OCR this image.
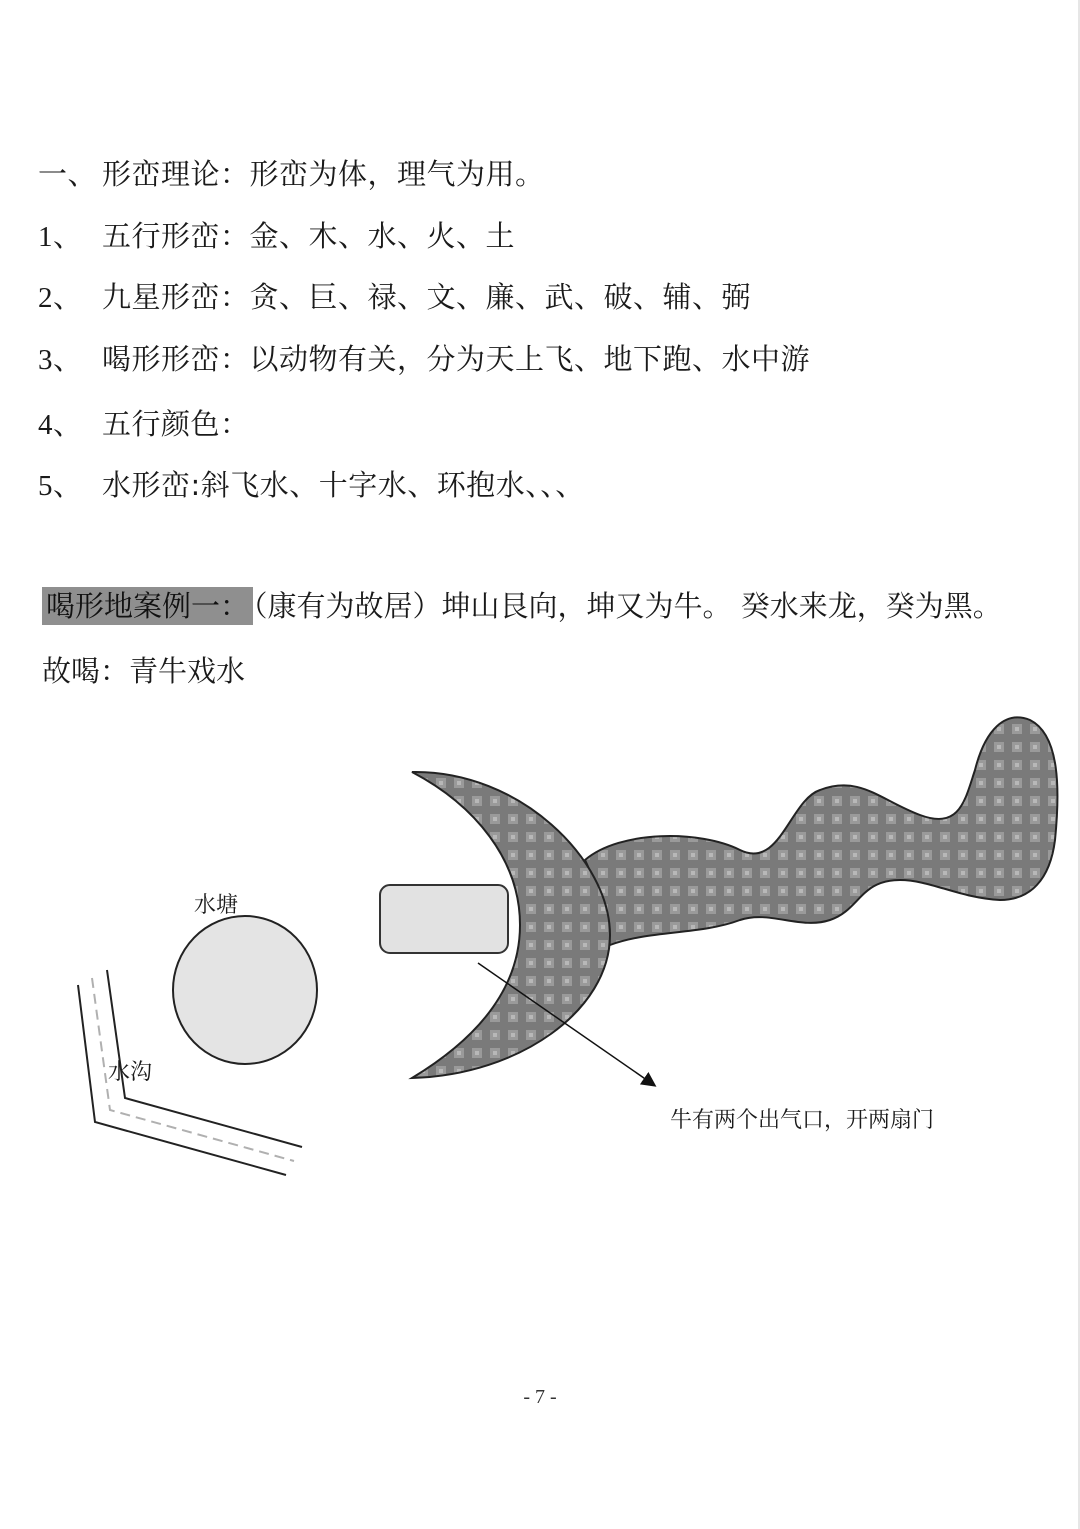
一、 形峦理论：形峦为体，理气为用。
1、 五行形峦：金、木、水、火、土
2、 九星形峦：贪、巨、禄、文、廉、武、破、辅、弼
3、 喝形形峦：以动物有关，分为天上飞、地下跑、水中游
4、 五行颜色：
5、 水形峦:斜飞水、十字水、环抱水、、、
喝形地案例一： （康有为故居）坤山艮向，坤又为牛。 癸水来龙，癸为黑。
故喝：青牛戏水
水塘
水沟
牛有两个出气口，开两扇门
- 7 -
